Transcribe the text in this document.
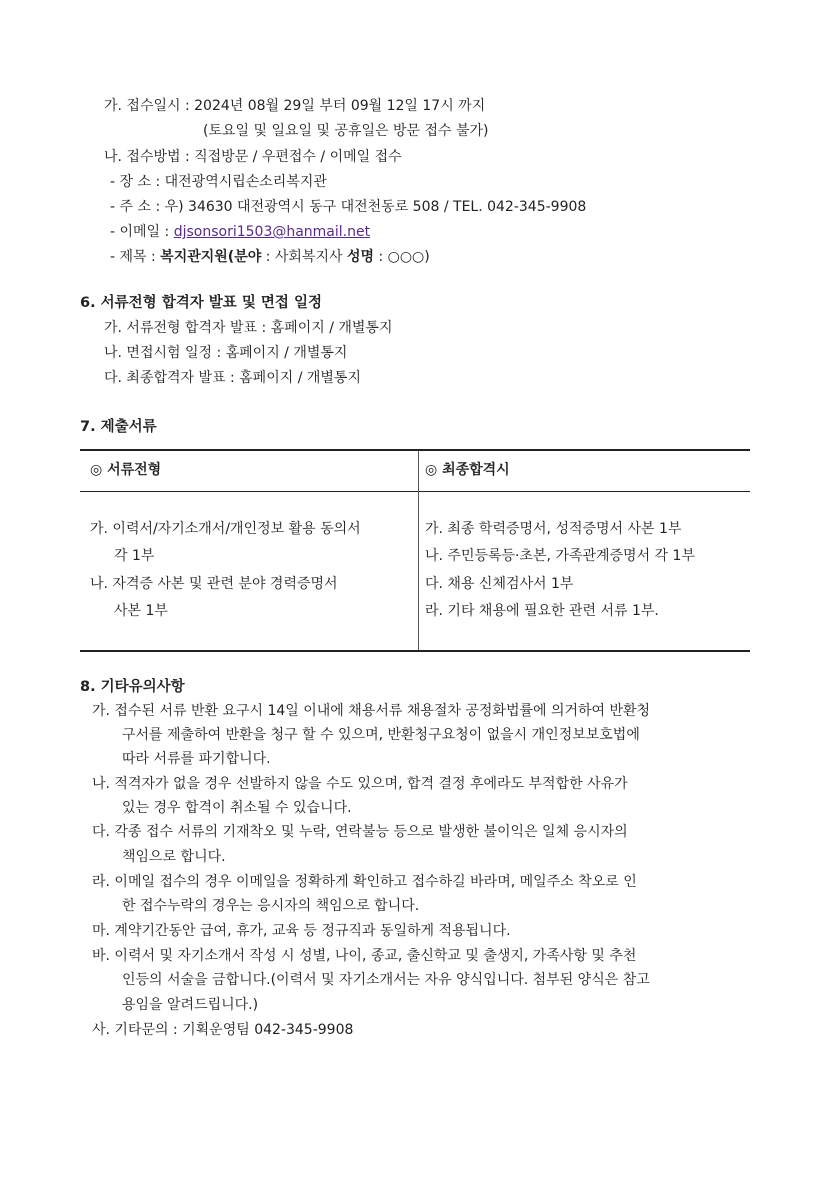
가. 접수일시 : 2024년 08월 29일 부터 09월 12일 17시 까지
(토요일 및 일요일 및 공휴일은 방문 접수 불가)
나. 접수방법 : 직접방문 / 우편접수 / 이메일 접수
- 장 소 : 대전광역시립손소리복지관
- 주 소 : 우) 34630 대전광역시 동구 대전천동로 508 / TEL. 042-345-9908
- 이메일 : djsonsori1503@hanmail.net
- 제목 : 복지관지원(분야 : 사회복지사 성명 : ○○○)
6. 서류전형 합격자 발표 및 면접 일정
가. 서류전형 합격자 발표 : 홈페이지 / 개별통지
나. 면접시험 일정 : 홈페이지 / 개별통지
다. 최종합격자 발표 : 홈페이지 / 개별통지
7. 제출서류
◎ 서류전형	◎ 최종합격시
가. 이력서/자기소개서/개인정보 활용 동의서
각 1부
나. 자격증 사본 및 관련 분야 경력증명서
사본 1부
가. 최종 학력증명서, 성적증명서 사본 1부
나. 주민등록등·초본, 가족관계증명서 각 1부
다. 채용 신체검사서 1부
라. 기타 채용에 필요한 관련 서류 1부.
8. 기타유의사항
가. 접수된 서류 반환 요구시 14일 이내에 채용서류 채용절차 공정화법률에 의거하여 반환청
구서를 제출하여 반환을 청구 할 수 있으며, 반환청구요청이 없을시 개인정보보호법에
따라 서류를 파기합니다.
나. 적격자가 없을 경우 선발하지 않을 수도 있으며, 합격 결정 후에라도 부적합한 사유가
있는 경우 합격이 취소될 수 있습니다.
다. 각종 접수 서류의 기재착오 및 누락, 연락불능 등으로 발생한 불이익은 일체 응시자의
책임으로 합니다.
라. 이메일 접수의 경우 이메일을 정확하게 확인하고 접수하길 바라며, 메일주소 착오로 인
한 접수누락의 경우는 응시자의 책임으로 합니다.
마. 계약기간동안 급여, 휴가, 교육 등 정규직과 동일하게 적용됩니다.
바. 이력서 및 자기소개서 작성 시 성별, 나이, 종교, 출신학교 및 출생지, 가족사항 및 추천
인등의 서술을 금합니다.(이력서 및 자기소개서는 자유 양식입니다. 첨부된 양식은 참고
용임을 알려드립니다.)
사. 기타문의 : 기획운영팀 042-345-9908
